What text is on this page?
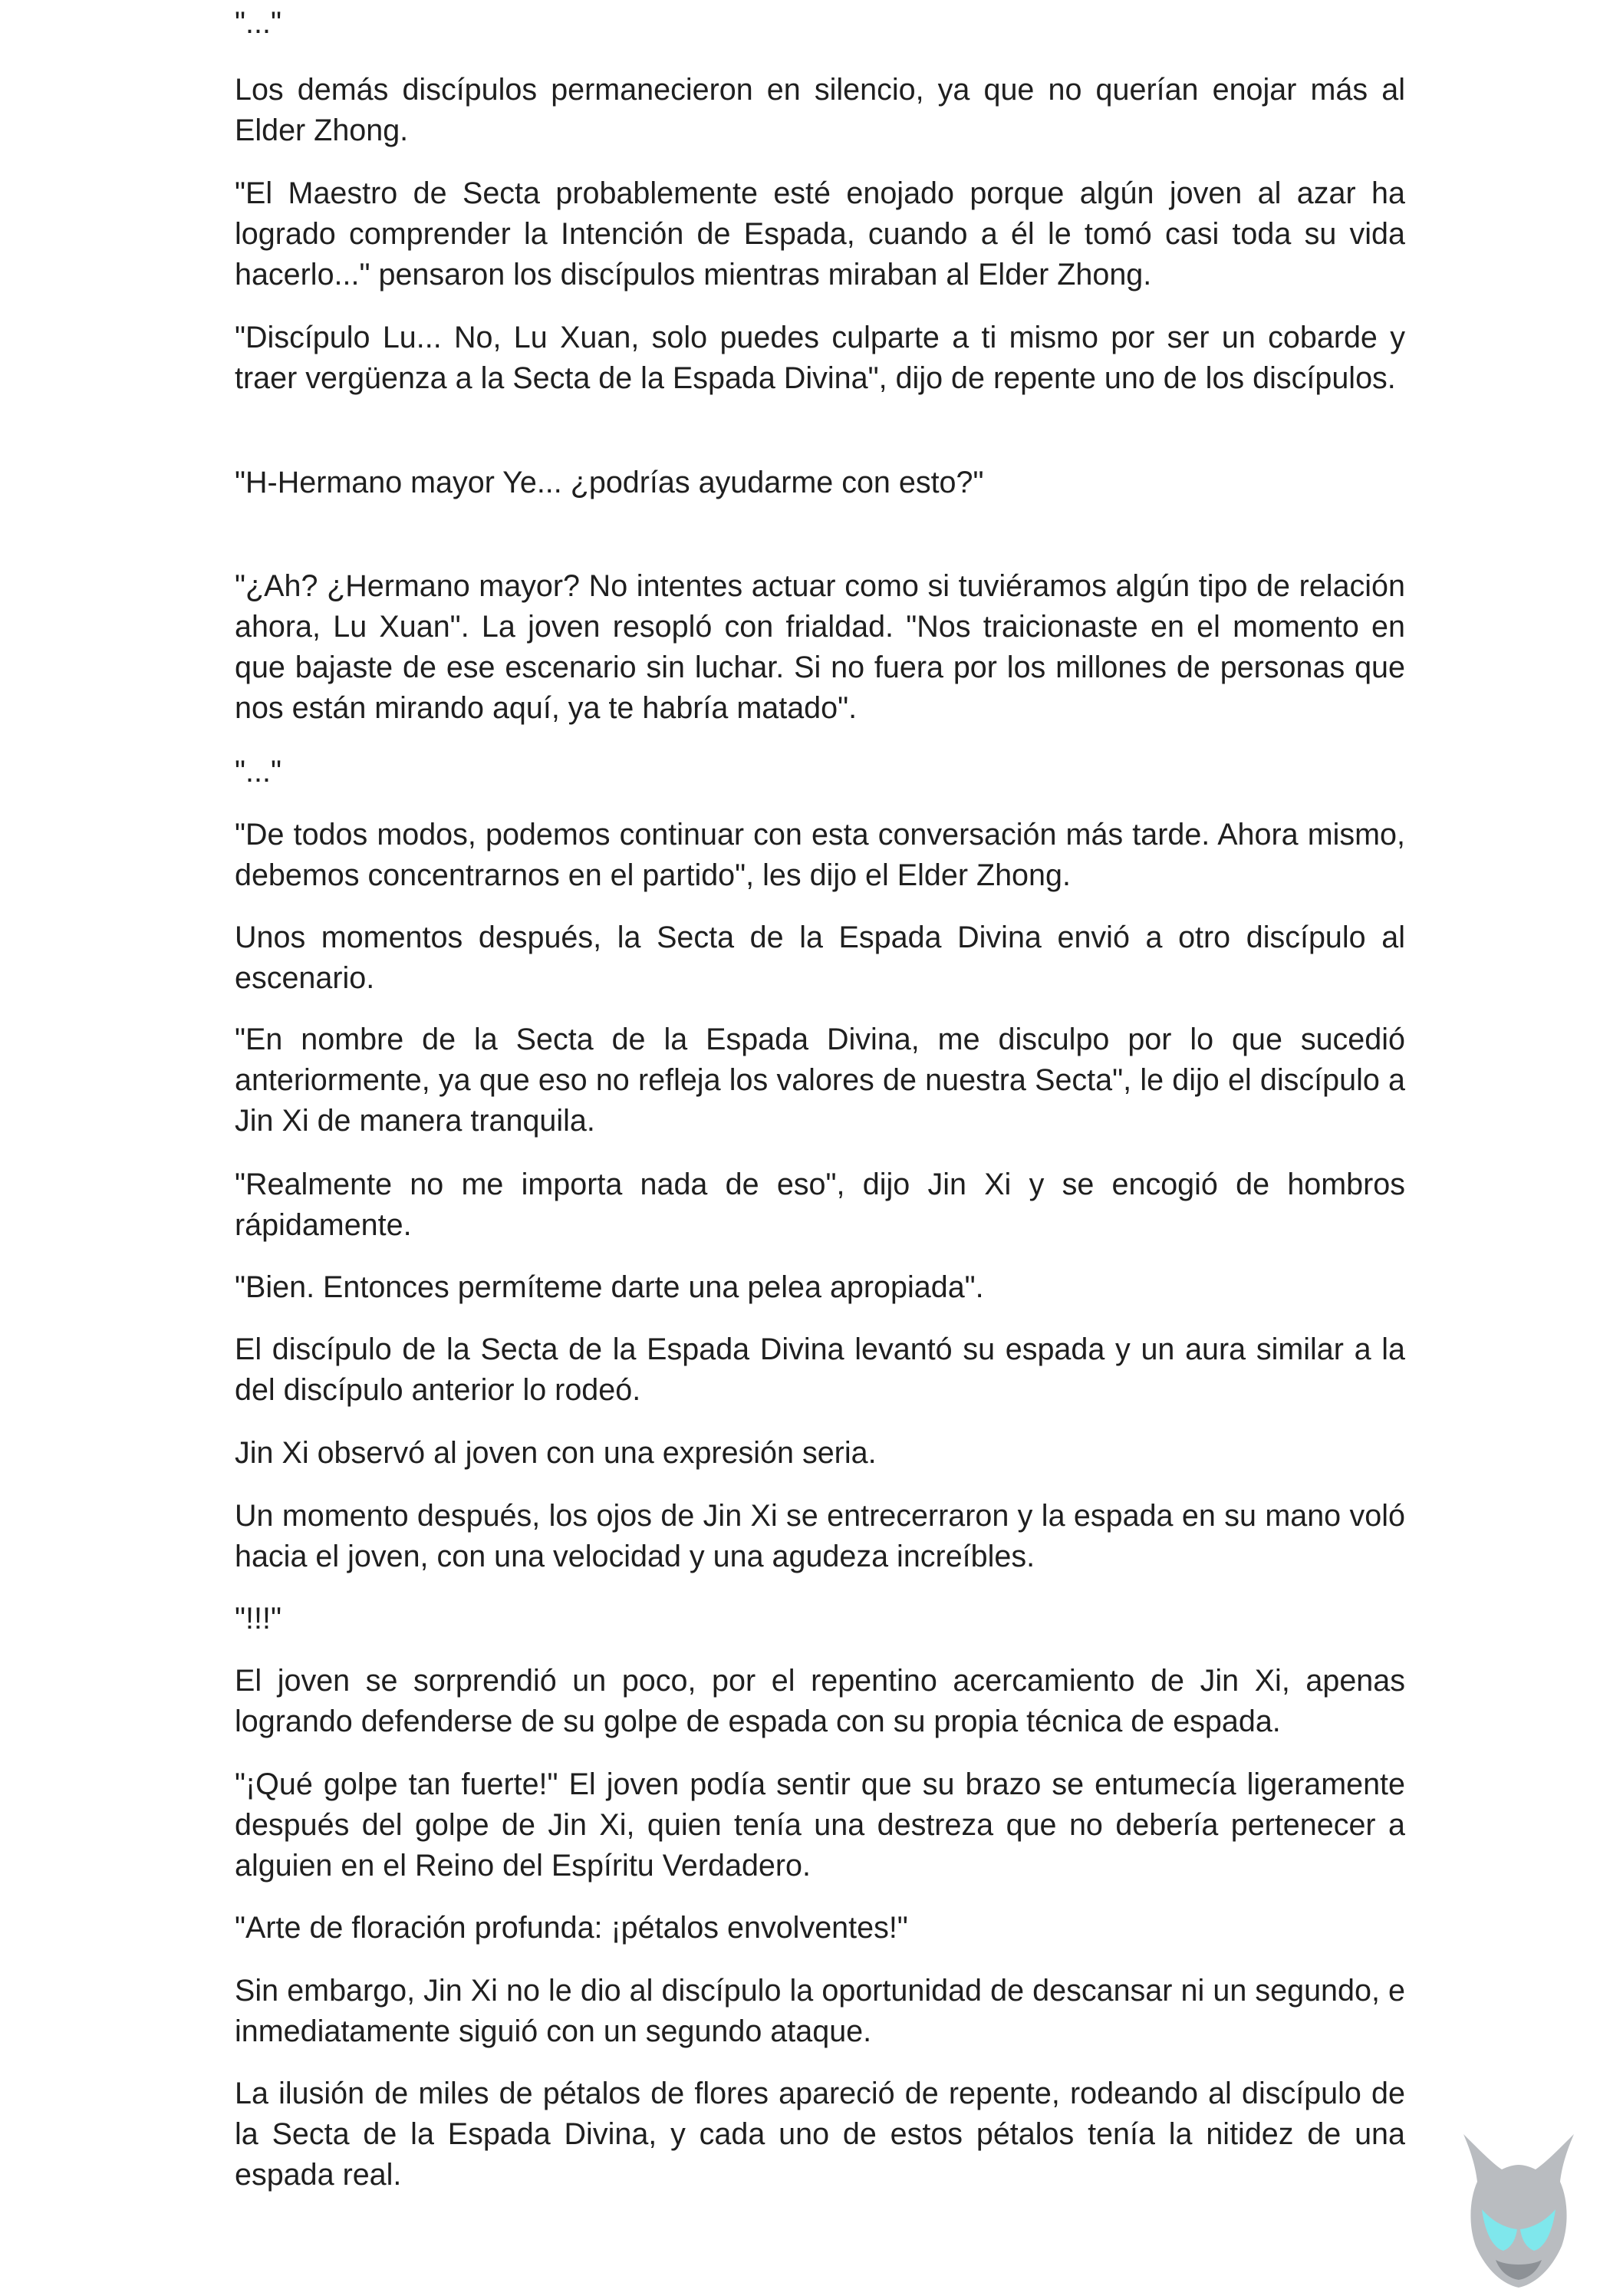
"..."

Los demás discípulos permanecieron en silencio, ya que no querían enojar más al Elder Zhong.

"El Maestro de Secta probablemente esté enojado porque algún joven al azar ha logrado comprender la Intención de Espada, cuando a él le tomó casi toda su vida hacerlo..." pensaron los discípulos mientras miraban al Elder Zhong.

"Discípulo Lu... No, Lu Xuan, solo puedes culparte a ti mismo por ser un cobarde y traer vergüenza a la Secta de la Espada Divina", dijo de repente uno de los discípulos.

"H-Hermano mayor Ye... ¿podrías ayudarme con esto?"

"¿Ah? ¿Hermano mayor? No intentes actuar como si tuviéramos algún tipo de relación ahora, Lu Xuan". La joven resopló con frialdad. "Nos traicionaste en el momento en que bajaste de ese escenario sin luchar. Si no fuera por los millones de personas que nos están mirando aquí, ya te habría matado".

"..."

"De todos modos, podemos continuar con esta conversación más tarde. Ahora mismo, debemos concentrarnos en el partido", les dijo el Elder Zhong.

Unos momentos después, la Secta de la Espada Divina envió a otro discípulo al escenario.

"En nombre de la Secta de la Espada Divina, me disculpo por lo que sucedió anteriormente, ya que eso no refleja los valores de nuestra Secta", le dijo el discípulo a Jin Xi de manera tranquila.

"Realmente no me importa nada de eso", dijo Jin Xi y se encogió de hombros rápidamente.

"Bien. Entonces permíteme darte una pelea apropiada".

El discípulo de la Secta de la Espada Divina levantó su espada y un aura similar a la del discípulo anterior lo rodeó.

Jin Xi observó al joven con una expresión seria.

Un momento después, los ojos de Jin Xi se entrecerraron y la espada en su mano voló hacia el joven, con una velocidad y una agudeza increíbles.

"!!!"

El joven se sorprendió un poco, por el repentino acercamiento de Jin Xi, apenas logrando defenderse de su golpe de espada con su propia técnica de espada.

"¡Qué golpe tan fuerte!" El joven podía sentir que su brazo se entumecía ligeramente después del golpe de Jin Xi, quien tenía una destreza que no debería pertenecer a alguien en el Reino del Espíritu Verdadero.

"Arte de floración profunda: ¡pétalos envolventes!"

Sin embargo, Jin Xi no le dio al discípulo la oportunidad de descansar ni un segundo, e inmediatamente siguió con un segundo ataque.

La ilusión de miles de pétalos de flores apareció de repente, rodeando al discípulo de la Secta de la Espada Divina, y cada uno de estos pétalos tenía la nitidez de una espada real.
